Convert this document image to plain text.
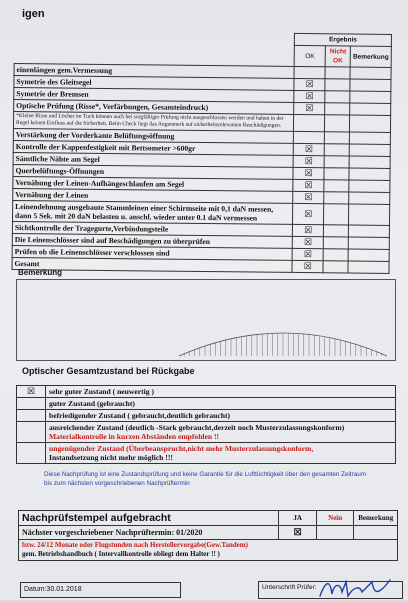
igen
	Ergebnis		
	OK	Nicht OK	Bemerkung
einenlängen gem.Vermessung			
Symetrie des Gleitsegel	☒		
Symetrie der Bremsen	☒		
Optische Prüfung (Risse*, Verfärbungen, Gesamteindruck)	☒		
*Kleine Risse und Löcher im Tuch können auch bei sorgfältiger Prüfung nicht ausgeschlossen werden und haben in der Regel keinen Einfluss auf die Sicherheit. Beim Check liegt das Augenmerk auf sicherheitsrelevanten Beschädigungen.			
Verstärkung der Vorderkante Belüftungsöffnung			
Kontrolle der Kappenfestigkeit mit Bettsometer >600gr	☒		
Sämtliche Nähte am Segel	☒		
Querbelüftungs-Öffnungen	☒		
Vernähung der Leinen-Aufhängeschlaufen am Segel	☒		
Vernähung der Leinen	☒		
Leinendehnung ausgebaute Stammleinen einer Schirmseite mit 0,1 daN messen, dann 5 Sek. mit 20 daN belasten u. anschl. wieder unter 0.1 daN vermessen	☒		
Sichtkontrolle der Tragegurte,Verbindungsteile	☒		
Die Leinenschlösser sind auf Beschädigungen zu überprüfen	☒		
Prüfen ob die Leinenschlösser verschlossen sind	☒		
Gesamt	☒		
Bemerkung
Optischer Gesamtzustand bei Rückgabe
☒	sehr guter Zustand ( neuwertig )

	guter Zustand (gebraucht)

	befriedigender Zustand ( gebraucht,deutlich gebraucht)

	ausreichender Zustand (deutlich -Stark gebraucht,derzeit noch Musterzulassungskonform)
Materialkontrolle in kurzen Abständen empfohlen !!

	ungenügender Zustand (Überbeansprucht,nicht mehr Musterzulassungskonform,
Instandsetzung nicht mehr möglich !!!
Diese Nachprüfung ist eine Zustandsprüfung und keine Garantie für die Lufttüchtigkeit über den gesamten Zeitraum bis zum nächsten vorgeschriebenen Nachprüftermin
Nachprüfstempel aufgebracht	JA	Nein	Bemerkung
Nächster vorgeschriebener Nachprüftermin: 01/2020	☒		

bzw. 24/12 Monate oder Flugstunden nach Herstellervorgabe(Gew.Tandem)
gem. Betriebshandbuch ( Intervallkontrolle obliegt dem Halter !! )			
Datum:30.01.2018	Unterschrift Prüfer:
